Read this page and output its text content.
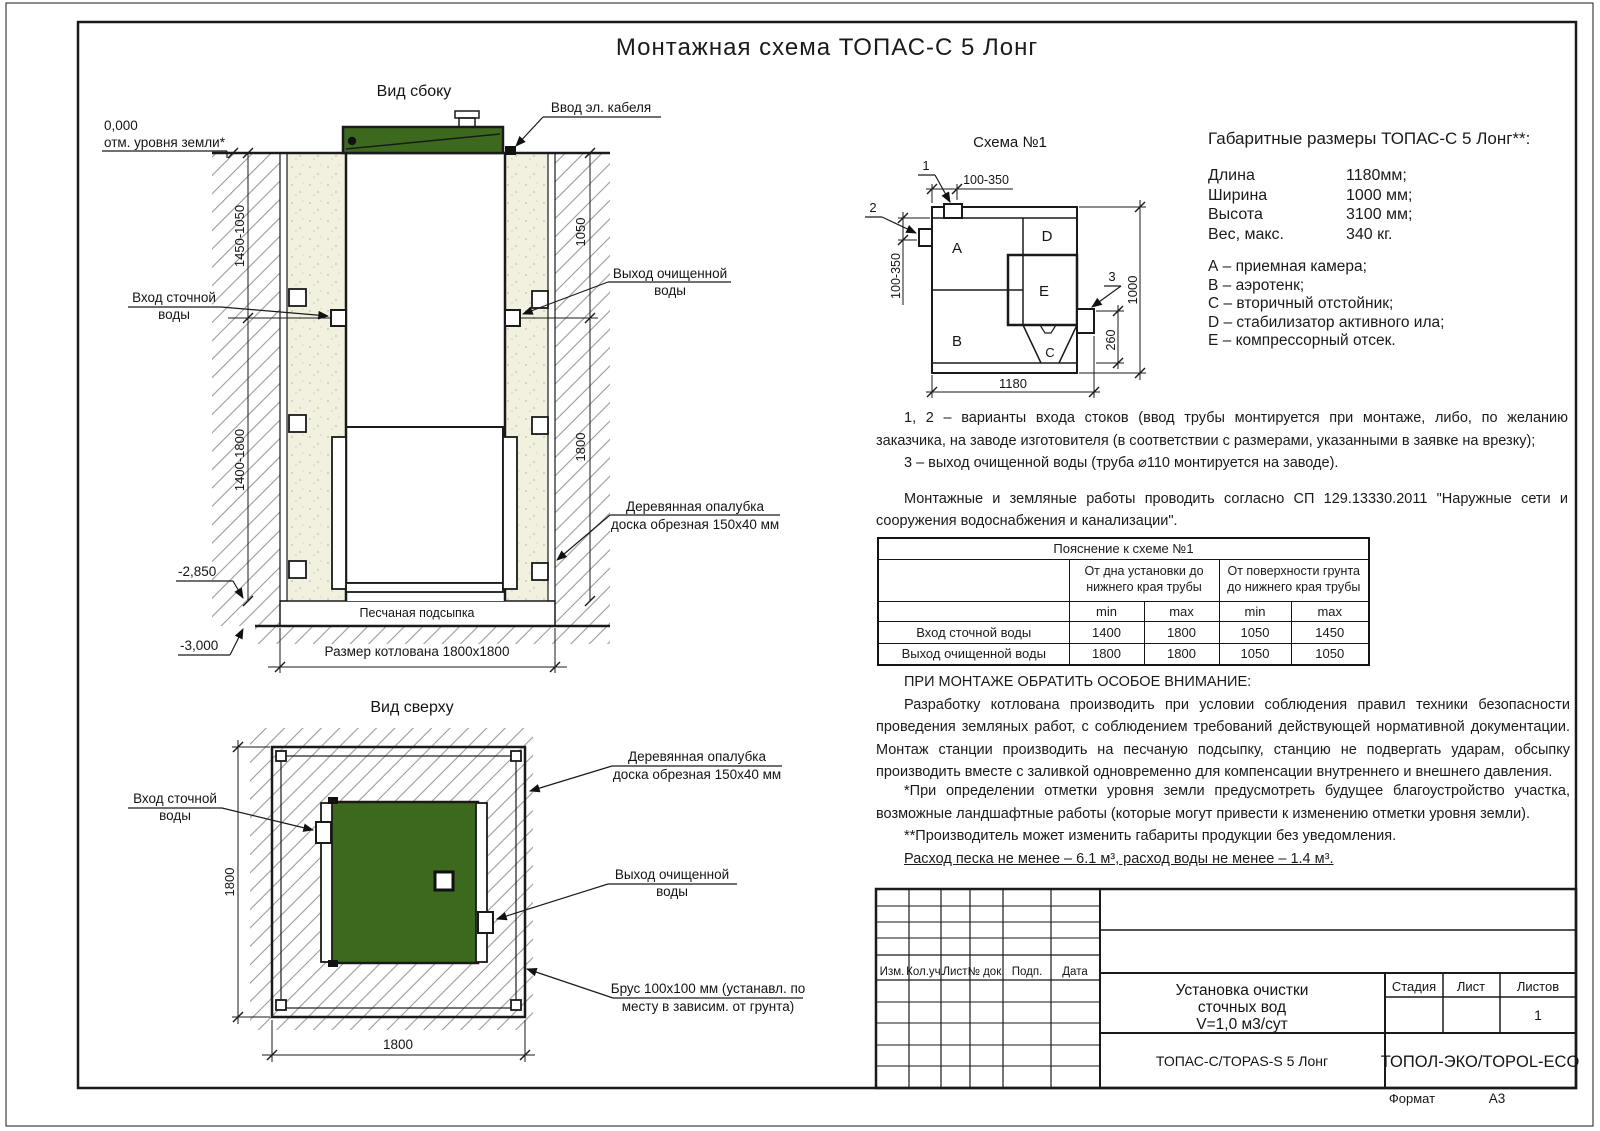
Вид сбоку
0,000
отм. уровня земли*
Ввод эл. кабеля
Вход сточной
воды
Выход очищенной
воды
Деревянная опалубка
доска обрезная 150x40 мм
Песчаная подсыпка
-2,850
-3,000
1450-1050
1400-1800
1050
1800
Размер котлована 1800x1800
Вид сверху
1800
1800
Вход сточной
воды
Деревянная опалубка
доска обрезная 150x40 мм
Выход очищенной
воды
Брус 100x100 мм (устанавл. по
месту в зависим. от грунта)
Схема №1
A
B
C
D
E
1
2
3
100-350
100-350	1000
260
1180
Изм. Кол.уч.
Лист № док. Подп. Дата
Установка очистки
сточных вод
V=1,0 м3/сут
ТОПАС-С/TOPAS-S 5 Лонг
Стадия Лист Листов
1
ТОПОЛ-ЭКО/TOPOL-ECO
Формат	А3
Монтажная схема ТОПАС-С 5 Лонг
Габаритные размеры ТОПАС-С 5 Лонг**:
Длина	1180мм;
Ширина	1000 мм;
Высота	3100 мм;
Вес, макс.	340 кг.
А – приемная камера;
В – аэротенк;
С – вторичный отстойник;
D – стабилизатор активного ила;
E – компрессорный отсек.

1, 2 – варианты входа стоков (ввод трубы монтируется при монтаже, либо, по желанию заказчика, на заводе изготовителя (в соответствии с размерами, указанными в заявке на врезку);

3 – выход очищенной воды (труба ⌀110 монтируется на заводе).

Монтажные и земляные работы проводить согласно СП 129.13330.2011 "Наружные сети и сооружения водоснабжения и канализации".

Пояснение к схеме №1				
	От дна установки до нижнего края трубы		От поверхности грунта до нижнего края трубы	
	min	max	min	max
Вход сточной воды	1400	1800	1050	1450
Выход очищенной воды	1800	1800	1050	1050

ПРИ МОНТАЖЕ ОБРАТИТЬ ОСОБОЕ ВНИМАНИЕ:

Разработку котлована производить при условии соблюдения правил техники безопасности проведения земляных работ, с соблюдением требований действующей нормативной документации. Монтаж станции производить на песчаную подсыпку, станцию не подвергать ударам, обсыпку производить вместе с заливкой одновременно для компенсации внутреннего и внешнего давления.

*При определении отметки уровня земли предусмотреть будущее благоустройство участка, возможные ландшафтные работы (которые могут привести к изменению отметки уровня земли).

**Производитель может изменить габариты продукции без уведомления.

Расход песка не менее – 6.1 м³, расход воды не менее – 1.4 м³.
